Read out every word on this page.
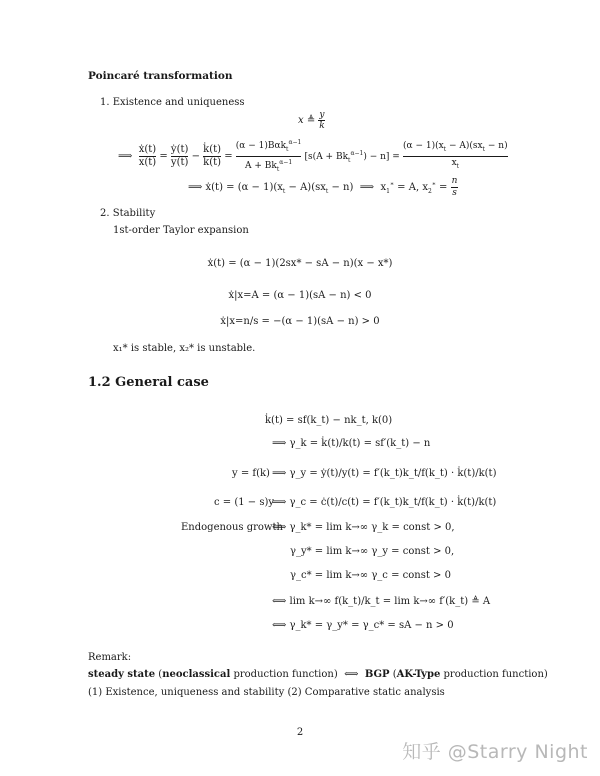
Poincaré transformation
1. Existence and uniqueness
x ≜ $\frac{y}{k}$
⟹ $\frac{\text{ẋ(t)}}{x(t)} = \frac{\text{ẏ(t)}}{y(t)} - \frac{k̇(t)}{k(t)}$ =
(α − 1)Bαk$_t^{\alpha-1}$
$A + Bk_t^{\alpha-1}$
$[s(A + Bk_t^{\alpha-1}) - n]$ =
$(\alpha - 1)(x_t - A)(sx_t - n)$
$x_t$
⟹ ẋ(t) = $(\alpha - 1)(x_t - A)(sx_t - n)$  ⟹  $x_1^∗ = A$, $x_2^∗ = \frac{n}{s}$
2. Stability
1st-order Taylor expansion
ẋ(t) = (α − 1)(2sx* − sA − n)(x − x*)
ẋ|x=A = (α − 1)(sA − n) < 0
ẋ|x=n/s = −(α − 1)(sA − n) > 0
x₁* is stable, x₂* is unstable.
1.2 General case
k̇(t) = sf(k_t) − nk_t, k(0)
⟹ γ_k = k̇(t)/k(t) = sf′(k_t) − n
y = f(k) ⟹ γ_y = ẏ(t)/y(t) = f′(k_t)k_t/f(k_t) · k̇(t)/k(t)
c = (1 − s)y
⟹ γ_c = ċ(t)/c(t) = f′(k_t)k_t/f(k_t) · k̇(t)/k(t)
Endogenous growth
⟺ γ_k* = lim k→∞ γ_k = const > 0,
γ_y* = lim k→∞ γ_y = const > 0,
γ_c* = lim k→∞ γ_c = const > 0
⟺ lim k→∞ f(k_t)/k_t = lim k→∞ f′(k_t) ≜ A
⟺ γ_k* = γ_y* = γ_c* = sA − n > 0
Remark:
steady state (neoclassical production function) ⟺ BGP (AK-Type production function)
(1) Existence, uniqueness and stability (2) Comparative static analysis
2
知乎 @Starry Night
